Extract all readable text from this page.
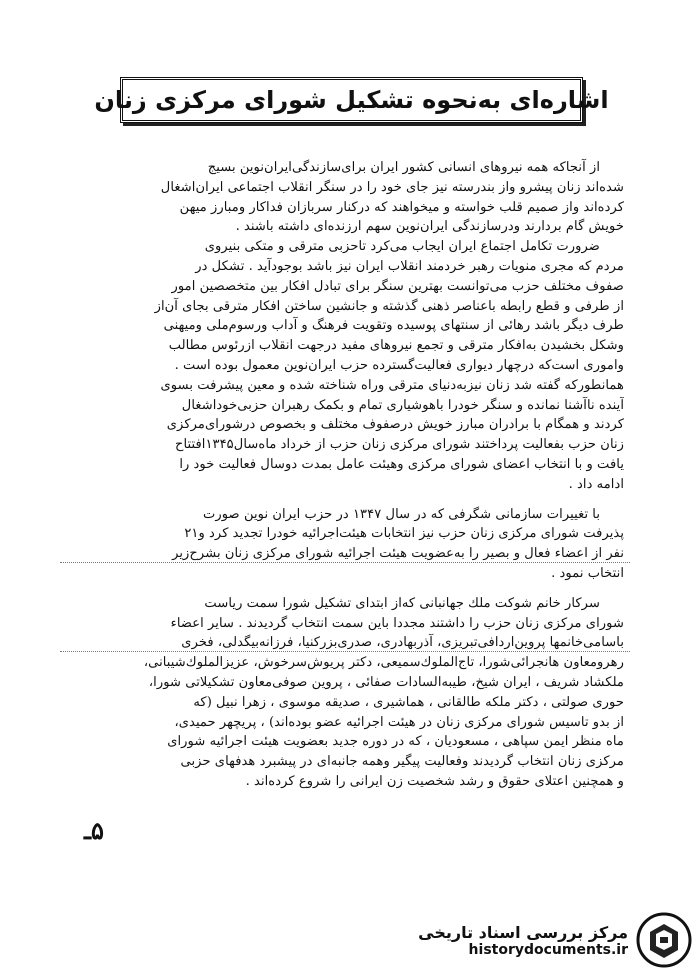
اشاره‌ای به‌نحوه تشکیل شورای مرکزی زنان

از آنجاکه همه نیروهای انسانی کشور ایران برای‌سازندگی‌ایران‌نوین بسیج
شده‌اند زنان پیشرو واز بندرسته نیز جای خود را در سنگر انقلاب اجتماعی ایران‌اشغال
کرده‌اند واز صمیم قلب خواسته و میخواهند که درکنار سربازان فداکار ومبارز میهن
خویش گام بردارند ودرسازندگی ایران‌نوین سهم ارزنده‌ای داشته باشند .

ضرورت تکامل اجتماع ایران ایجاب می‌کرد تاحزبی مترقی و متکی بنیروی
مردم که مجری منویات رهبر خردمند انقلاب ایران نیز باشد بوجودآید . تشکل در
صفوف مختلف حزب می‌توانست بهترین سنگر برای تبادل افکار بین متخصصین امور
از طرفی و قطع رابطه باعناصر ذهنی گذشته و جانشین ساختن افکار مترقی بجای آن‌از
طرف دیگر باشد رهائی از سنتهای پوسیده وتقویت فرهنگ و آداب ورسوم‌ملی ومیهنی
وشکل بخشیدن به‌افکار مترقی و تجمع نیروهای مفید درجهت انقلاب ازرئوس مطالب
واموری است‌که درچهار دیواری فعالیت‌گسترده حزب ایران‌نوین معمول بوده است .

همانطورکه گفته شد زنان نیزبه‌دنیای مترقی وراه شناخته شده و معین پیشرفت بسوی
آینده ناآشنا نمانده و سنگر خودرا باهوشیاری تمام و بکمک رهبران حزبی‌خوداشغال
کردند و همگام با برادران مبارز خویش درصفوف مختلف و بخصوص درشورای‌مرکزی
زنان حزب بفعالیت پرداختند شورای مرکزی زنان حزب از خرداد ماه‌سال۱۳۴۵افتتاح
یافت و با انتخاب اعضای شورای مرکزی وهیئت عامل بمدت دوسال فعالیت خود را
ادامه داد .

با تغییرات سازمانی شگرفی که در سال ۱۳۴۷ در حزب ایران نوین صورت
پذیرفت شورای مرکزی زنان حزب نیز انتخابات هیئت‌اجرائیه خودرا تجدید کرد و۲۱
نفر از اعضاء فعال و بصیر را به‌عضویت هیئت اجرائیه شورای مرکزی زنان بشرح‌زیر
انتخاب نمود .

سرکار خانم شوکت ملك جهانبانی که‌از ابتدای تشکیل شورا سمت ریاست
شورای مرکزی زنان حزب را داشتند مجددا باین سمت انتخاب گردیدند . سایر اعضاء
باسامی‌خانمها پروین‌اردافی‌تبریزی، آذربهادری، صدری‌بزرکنیا، فرزانه‌بیگدلی، فخری
رهرومعاون هانجرائی‌شورا، تاج‌الملوك‌سمیعی، دکتر پریوش‌سرخوش، عزیزالملوك‌شیبانی،
ملکشاد شریف ، ایران شیخ، طیبه‌السادات صفائی ، پروین صوفی‌معاون تشکیلاتی شورا،
حوری صولتی ، دکتر ملکه طالقانی ، هماشیری ، صدیقه موسوی ، زهرا نبیل (که
از بدو تاسیس شورای مرکزی زنان در هیئت اجرائیه عضو بوده‌اند) ، پریچهر حمیدی،
ماه منظر ایمن سپاهی ، مسعودیان ، که در دوره جدید بعضویت هیئت اجرائیه شورای
مرکزی زنان انتخاب گردیدند وفعالیت پیگیر وهمه جانبه‌ای در پیشبرد هدفهای حزبی
و همچنین اعتلای حقوق و رشد شخصیت زن ایرانی را شروع کرده‌اند .

۵ـ
مرکز بررسی اسناد تاریخی
historydocuments.ir
